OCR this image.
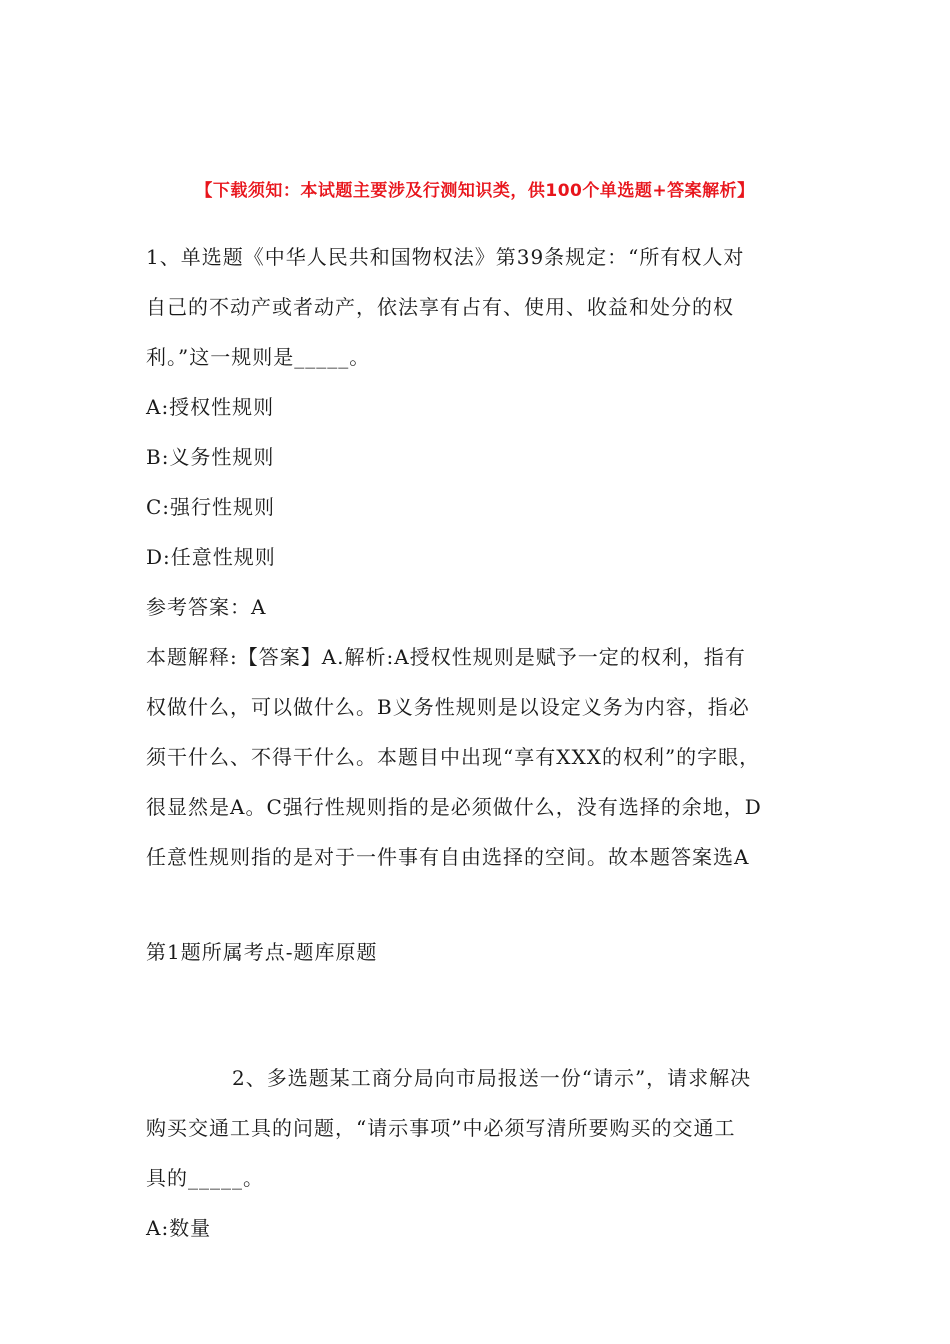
【下载须知：本试题主要涉及行测知识类，供100个单选题+答案解析】
1、单选题《中华人民共和国物权法》第39条规定：“所有权人对
自己的不动产或者动产，依法享有占有、使用、收益和处分的权
利。”这一规则是_____。
A:授权性规则
B:义务性规则
C:强行性规则
D:任意性规则
参考答案：A
本题解释:【答案】A.解析:A授权性规则是赋予一定的权利，指有
权做什么，可以做什么。B义务性规则是以设定义务为内容，指必
须干什么、不得干什么。本题目中出现“享有XXX的权利”的字眼，
很显然是A。C强行性规则指的是必须做什么，没有选择的余地，D
任意性规则指的是对于一件事有自由选择的空间。故本题答案选A
第1题所属考点-题库原题
2、多选题某工商分局向市局报送一份“请示”，请求解决
购买交通工具的问题，“请示事项”中必须写清所要购买的交通工
具的_____。
A:数量
